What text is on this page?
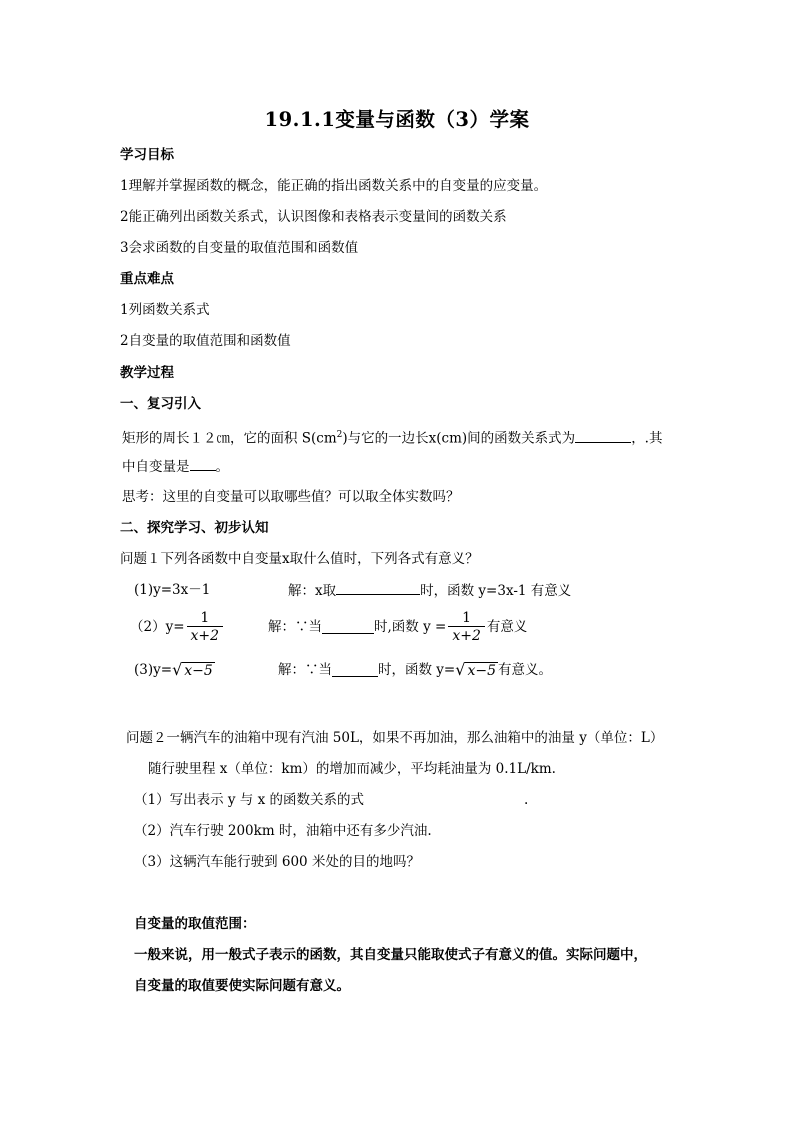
19.1.1变量与函数（3）学案
学习目标
1理解并掌握函数的概念，能正确的指出函数关系中的自变量的应变量。
2能正确列出函数关系式，认识图像和表格表示变量间的函数关系
3会求函数的自变量的取值范围和函数值
重点难点
1列函数关系式
2自变量的取值范围和函数值
教学过程
一、复习引入
矩形的周长１２㎝，它的面积 $S(cm^2)$与它的一边长x(cm)间的函数关系式为	，.其
中自变量是 。
思考：这里的自变量可以取哪些值？可以取全体实数吗？
二、探究学习、初步认知
问题１下列各函数中自变量x取什么值时，下列各式有意义？
(1)y=3x－1	解：x取	时，函数 y=3x-1 有意义
$(2)y= \frac{1}{x+2}$	解：∵当	时,函数 $y = \frac{1}{x+2}$ 有意义
(3)y= √ x−5	解：∵当	时，函数 y= √ x−5 有意义。
问题２一辆汽车的油箱中现有汽油 50L，如果不再加油，那么油箱中的油量 y（单位：L）
随行驶里程 x（单位：km）的增加而减少，平均耗油量为 0.1L/km.
（1）写出表示 y 与 x 的函数关系的式	.
（2）汽车行驶 200km 时，油箱中还有多少汽油.
（3）这辆汽车能行驶到 600 米处的目的地吗？
自变量的取值范围：
一般来说，用一般式子表示的函数，其自变量只能取使式子有意义的值。实际问题中，
自变量的取值要使实际问题有意义。
